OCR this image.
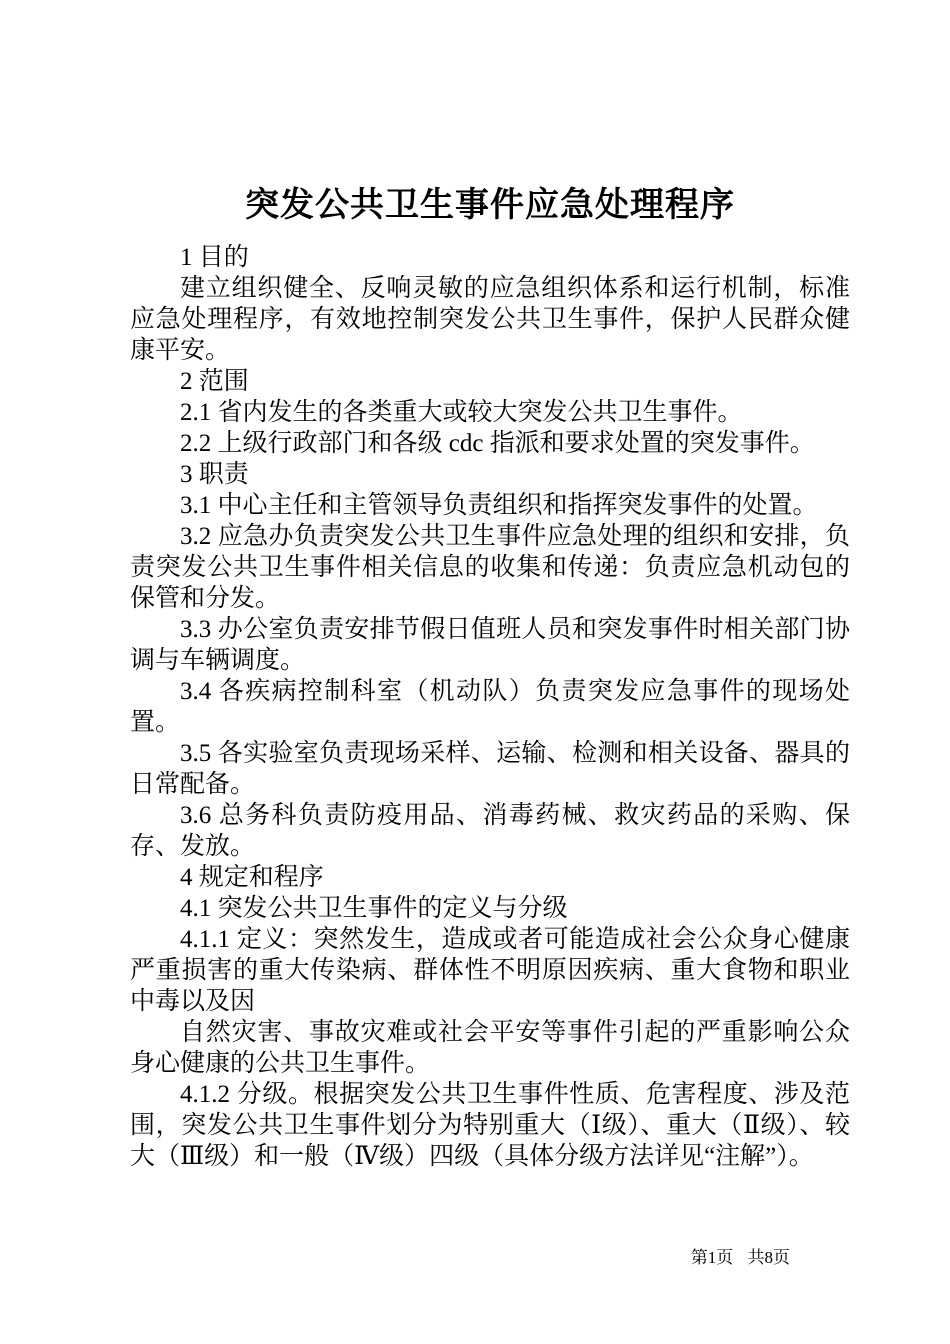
突发公共卫生事件应急处理程序

1 目的

建立组织健全、反响灵敏的应急组织体系和运行机制，标准应急处理程序，有效地控制突发公共卫生事件，保护人民群众健康平安。

2 范围

2.1 省内发生的各类重大或较大突发公共卫生事件。

2.2 上级行政部门和各级 cdc 指派和要求处置的突发事件。

3 职责

3.1 中心主任和主管领导负责组织和指挥突发事件的处置。

3.2 应急办负责突发公共卫生事件应急处理的组织和安排，负责突发公共卫生事件相关信息的收集和传递：负责应急机动包的保管和分发。

3.3 办公室负责安排节假日值班人员和突发事件时相关部门协调与车辆调度。

3.4 各疾病控制科室（机动队）负责突发应急事件的现场处置。

3.5 各实验室负责现场采样、运输、检测和相关设备、器具的日常配备。

3.6 总务科负责防疫用品、消毒药械、救灾药品的采购、保存、发放。

4 规定和程序

4.1 突发公共卫生事件的定义与分级

4.1.1 定义：突然发生，造成或者可能造成社会公众身心健康严重损害的重大传染病、群体性不明原因疾病、重大食物和职业中毒以及因

自然灾害、事故灾难或社会平安等事件引起的严重影响公众身心健康的公共卫生事件。

4.1.2 分级。根据突发公共卫生事件性质、危害程度、涉及范围，突发公共卫生事件划分为特别重大（Ⅰ级）、重大（Ⅱ级）、较大（Ⅲ级）和一般（Ⅳ级）四级（具体分级方法详见“注解”）。

第1页 共8页
